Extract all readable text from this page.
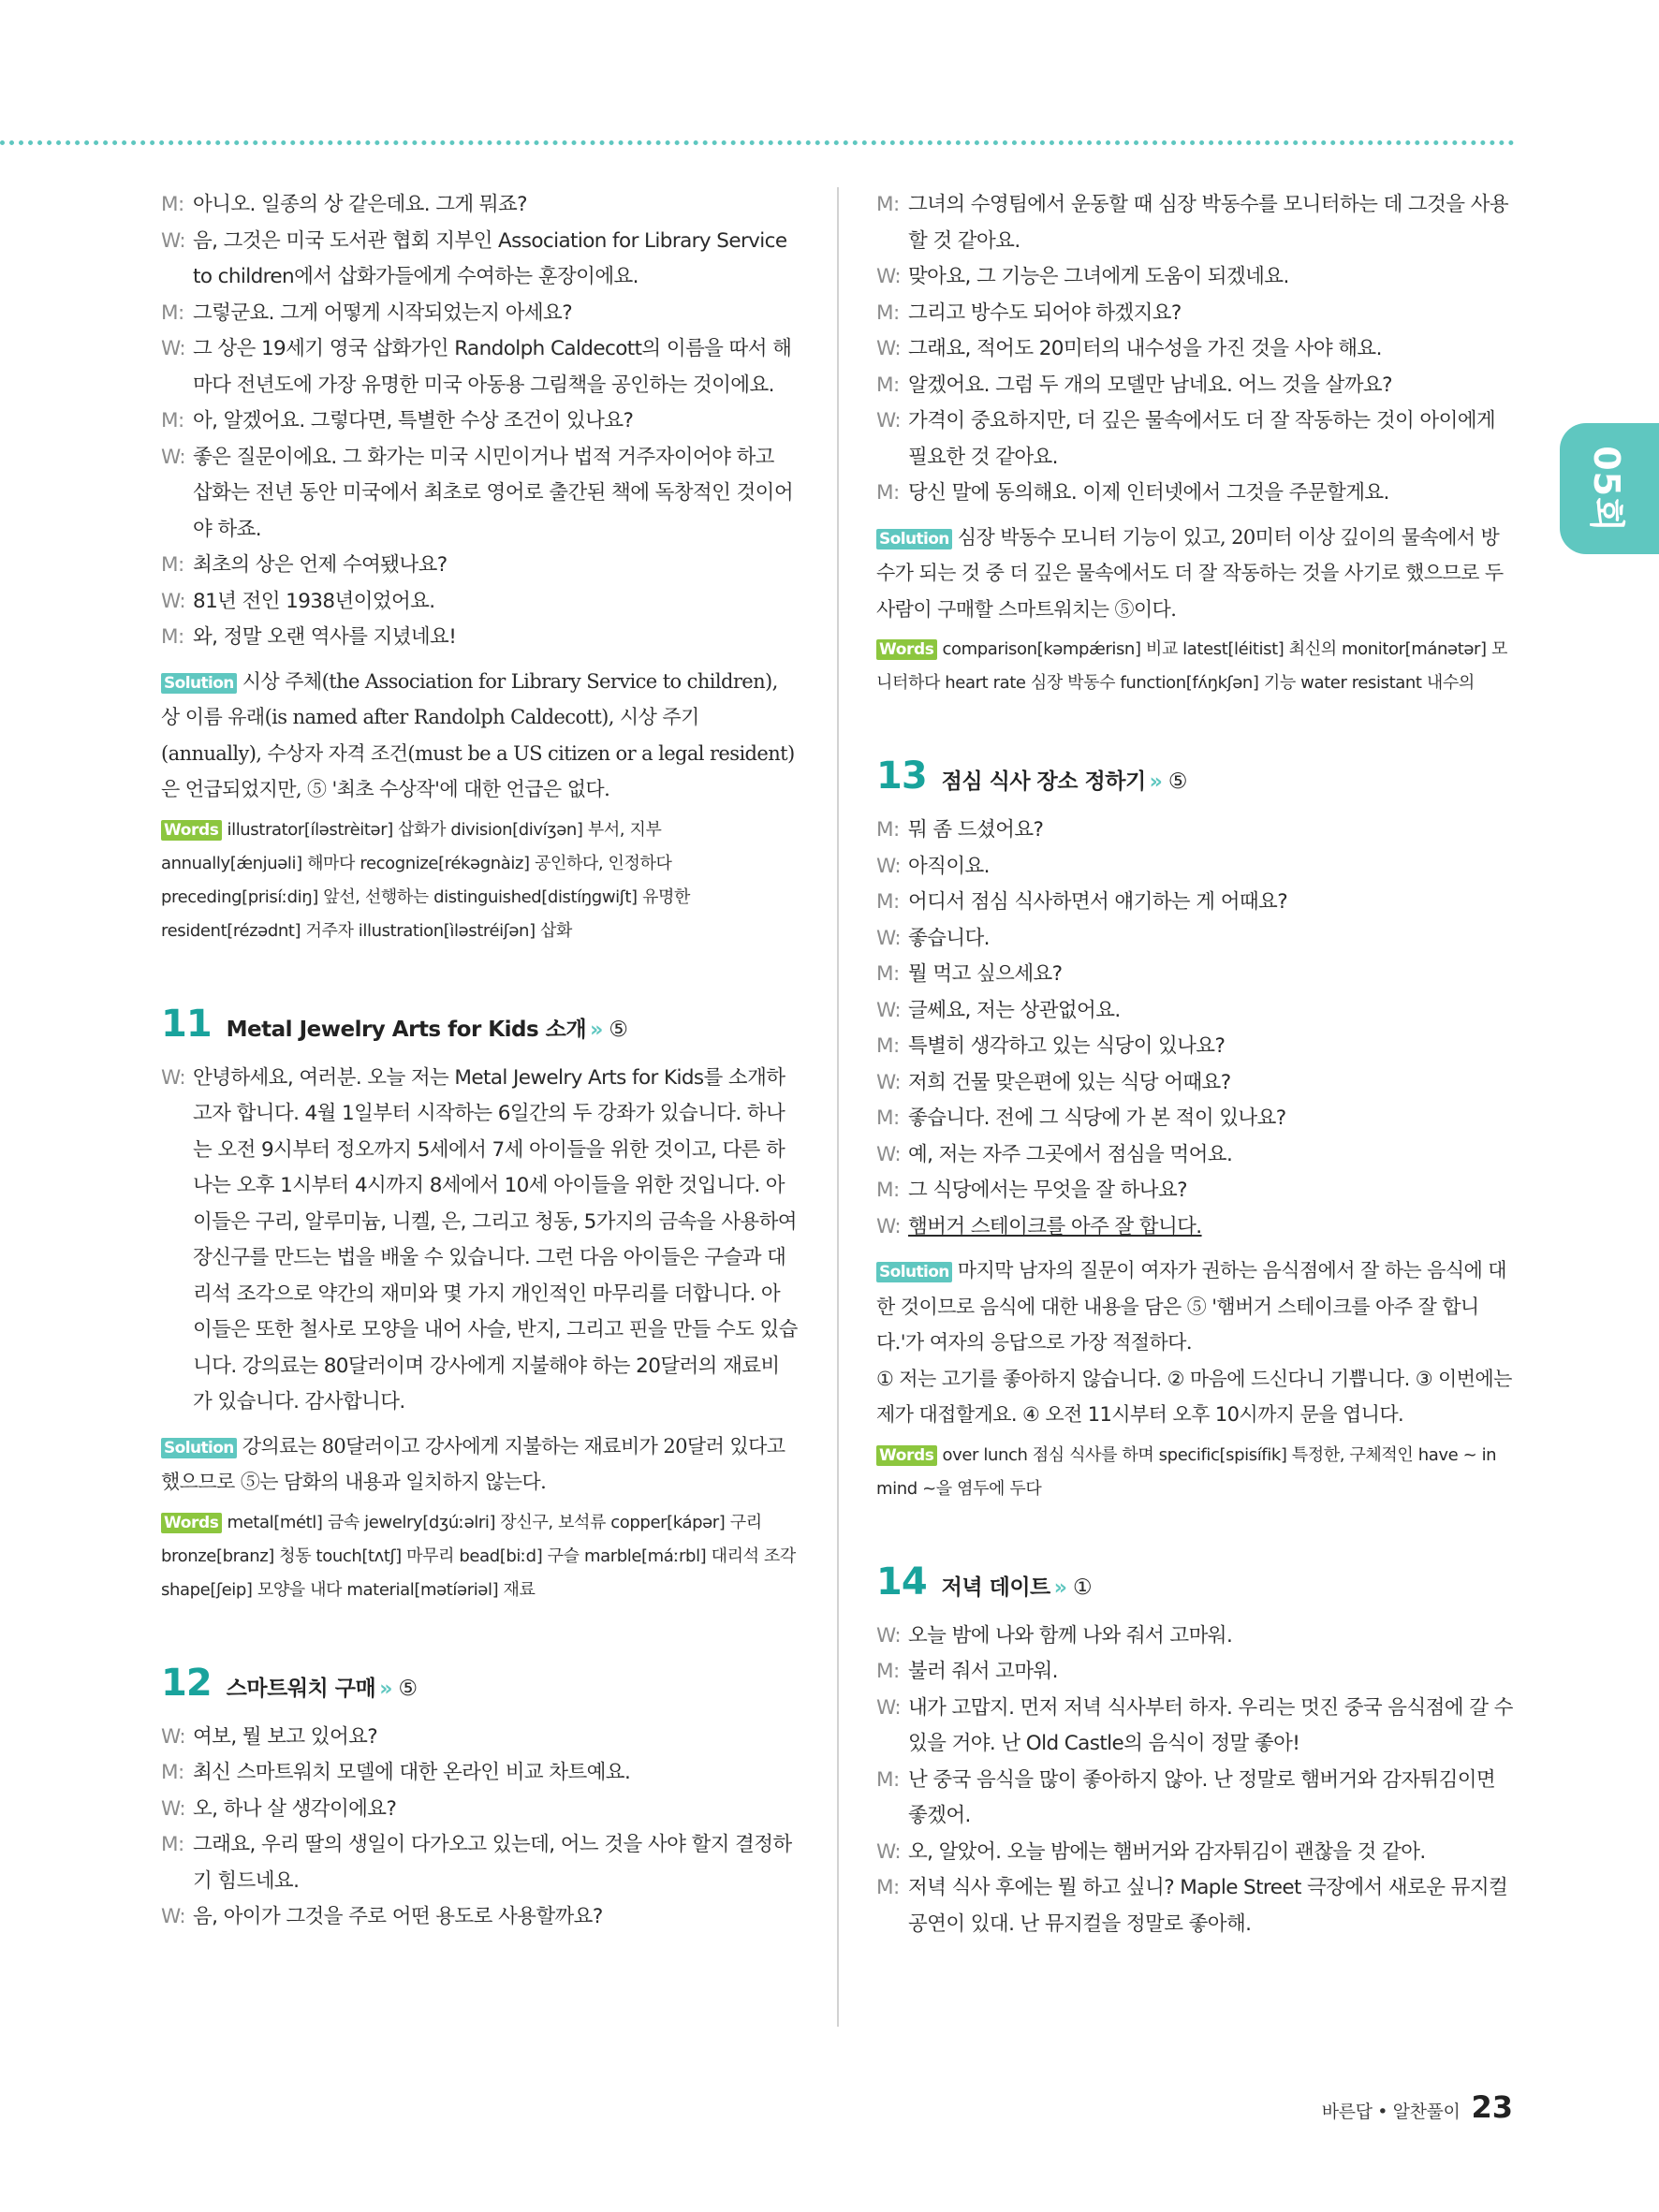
05회
M: 아니오. 일종의 상 같은데요. 그게 뭐죠?
W: 음, 그것은 미국 도서관 협회 지부인 Association for Library Service to children에서 삽화가들에게 수여하는 훈장이에요.
M: 그렇군요. 그게 어떻게 시작되었는지 아세요?
W: 그 상은 19세기 영국 삽화가인 Randolph Caldecott의 이름을 따서 해마다 전년도에 가장 유명한 미국 아동용 그림책을 공인하는 것이에요.
M: 아, 알겠어요. 그렇다면, 특별한 수상 조건이 있나요?
W: 좋은 질문이에요. 그 화가는 미국 시민이거나 법적 거주자이어야 하고 삽화는 전년 동안 미국에서 최초로 영어로 출간된 책에 독창적인 것이어야 하죠.
M: 최초의 상은 언제 수여됐나요?
W: 81년 전인 1938년이었어요.
M: 와, 정말 오랜 역사를 지녔네요!
Solution 시상 주체(the Association for Library Service to children), 상 이름 유래(is named after Randolph Caldecott), 시상 주기(annually), 수상자 자격 조건(must be a US citizen or a legal resident)은 언급되었지만, ⑤ '최초 수상작'에 대한 언급은 없다.
Words illustrator[ílǝstrèitǝr] 삽화가 division[divíʒǝn] 부서, 지부 annually[ǽnjuǝli] 해마다 recognize[rékǝgnàiz] 공인하다, 인정하다 preceding[prisíːdiŋ] 앞선, 선행하는 distinguished[distíŋgwiʃt] 유명한 resident[rézǝdnt] 거주자 illustration[ìlǝstréiʃǝn] 삽화
11 Metal Jewelry Arts for Kids 소개 » ⑤
W: 안녕하세요, 여러분. 오늘 저는 Metal Jewelry Arts for Kids를 소개하고자 합니다. 4월 1일부터 시작하는 6일간의 두 강좌가 있습니다. 하나는 오전 9시부터 정오까지 5세에서 7세 아이들을 위한 것이고, 다른 하나는 오후 1시부터 4시까지 8세에서 10세 아이들을 위한 것입니다. 아이들은 구리, 알루미늄, 니켈, 은, 그리고 청동, 5가지의 금속을 사용하여 장신구를 만드는 법을 배울 수 있습니다. 그런 다음 아이들은 구슬과 대리석 조각으로 약간의 재미와 몇 가지 개인적인 마무리를 더합니다. 아이들은 또한 철사로 모양을 내어 사슬, 반지, 그리고 핀을 만들 수도 있습니다. 강의료는 80달러이며 강사에게 지불해야 하는 20달러의 재료비가 있습니다. 감사합니다.
Solution 강의료는 80달러이고 강사에게 지불하는 재료비가 20달러 있다고 했으므로 ⑤는 담화의 내용과 일치하지 않는다.
Words metal[métl] 금속 jewelry[dʒúːǝlri] 장신구, 보석류 copper[kápǝr] 구리 bronze[branz] 청동 touch[tʌtʃ] 마무리 bead[biːd] 구슬 marble[máːrbl] 대리석 조각 shape[ʃeip] 모양을 내다 material[mǝtíǝriǝl] 재료
12 스마트워치 구매 » ⑤
W: 여보, 뭘 보고 있어요?
M: 최신 스마트워치 모델에 대한 온라인 비교 차트예요.
W: 오, 하나 살 생각이에요?
M: 그래요, 우리 딸의 생일이 다가오고 있는데, 어느 것을 사야 할지 결정하기 힘드네요.
W: 음, 아이가 그것을 주로 어떤 용도로 사용할까요?
M: 그녀의 수영팀에서 운동할 때 심장 박동수를 모니터하는 데 그것을 사용할 것 같아요.
W: 맞아요, 그 기능은 그녀에게 도움이 되겠네요.
M: 그리고 방수도 되어야 하겠지요?
W: 그래요, 적어도 20미터의 내수성을 가진 것을 사야 해요.
M: 알겠어요. 그럼 두 개의 모델만 남네요. 어느 것을 살까요?
W: 가격이 중요하지만, 더 깊은 물속에서도 더 잘 작동하는 것이 아이에게 필요한 것 같아요.
M: 당신 말에 동의해요. 이제 인터넷에서 그것을 주문할게요.
Solution 심장 박동수 모니터 기능이 있고, 20미터 이상 깊이의 물속에서 방수가 되는 것 중 더 깊은 물속에서도 더 잘 작동하는 것을 사기로 했으므로 두 사람이 구매할 스마트워치는 ⑤이다.
Words comparison[kǝmpǽrisn] 비교 latest[léitist] 최신의 monitor[mánǝtǝr] 모니터하다 heart rate 심장 박동수 function[fʌ́ŋkʃǝn] 기능 water resistant 내수의
13 점심 식사 장소 정하기 » ⑤
M: 뭐 좀 드셨어요?
W: 아직이요.
M: 어디서 점심 식사하면서 얘기하는 게 어때요?
W: 좋습니다.
M: 뭘 먹고 싶으세요?
W: 글쎄요, 저는 상관없어요.
M: 특별히 생각하고 있는 식당이 있나요?
W: 저희 건물 맞은편에 있는 식당 어때요?
M: 좋습니다. 전에 그 식당에 가 본 적이 있나요?
W: 예, 저는 자주 그곳에서 점심을 먹어요.
M: 그 식당에서는 무엇을 잘 하나요?
W: 햄버거 스테이크를 아주 잘 합니다.
Solution 마지막 남자의 질문이 여자가 권하는 음식점에서 잘 하는 음식에 대한 것이므로 음식에 대한 내용을 담은 ⑤ '햄버거 스테이크를 아주 잘 합니다.'가 여자의 응답으로 가장 적절하다.
① 저는 고기를 좋아하지 않습니다. ② 마음에 드신다니 기쁩니다. ③ 이번에는 제가 대접할게요. ④ 오전 11시부터 오후 10시까지 문을 엽니다.
Words over lunch 점심 식사를 하며 specific[spisífik] 특정한, 구체적인 have ~ in mind ~을 염두에 두다
14 저녁 데이트 » ①
W: 오늘 밤에 나와 함께 나와 줘서 고마워.
M: 불러 줘서 고마워.
W: 내가 고맙지. 먼저 저녁 식사부터 하자. 우리는 멋진 중국 음식점에 갈 수 있을 거야. 난 Old Castle의 음식이 정말 좋아!
M: 난 중국 음식을 많이 좋아하지 않아. 난 정말로 햄버거와 감자튀김이면 좋겠어.
W: 오, 알았어. 오늘 밤에는 햄버거와 감자튀김이 괜찮을 것 같아.
M: 저녁 식사 후에는 뭘 하고 싶니? Maple Street 극장에서 새로운 뮤지컬 공연이 있대. 난 뮤지컬을 정말로 좋아해.
바른답 • 알찬풀이 23
